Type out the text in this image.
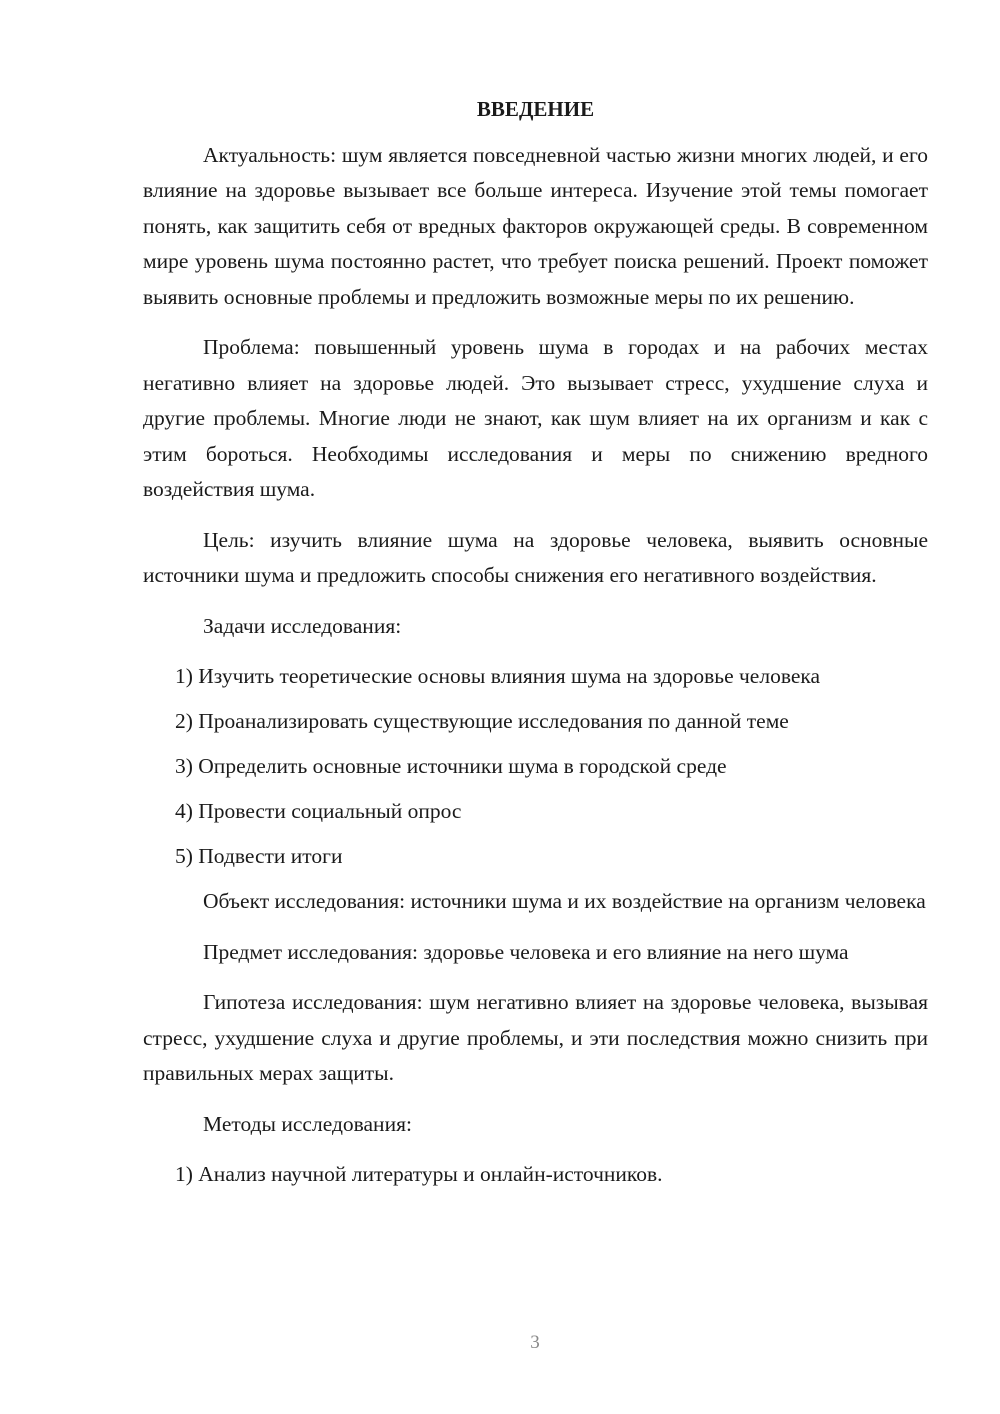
ВВЕДЕНИЕ

Актуальность: шум является повседневной частью жизни многих людей, и его влияние на здоровье вызывает все больше интереса. Изучение этой темы помогает понять, как защитить себя от вредных факторов окружающей среды. В современном мире уровень шума постоянно растет, что требует поиска решений. Проект поможет выявить основные проблемы и предложить возможные меры по их решению.

Проблема: повышенный уровень шума в городах и на рабочих местах негативно влияет на здоровье людей. Это вызывает стресс, ухудшение слуха и другие проблемы. Многие люди не знают, как шум влияет на их организм и как с этим бороться. Необходимы исследования и меры по снижению вредного воздействия шума.

Цель: изучить влияние шума на здоровье человека, выявить основные источники шума и предложить способы снижения его негативного воздействия.

Задачи исследования:

1) Изучить теоретические основы влияния шума на здоровье человека
2) Проанализировать существующие исследования по данной теме
3) Определить основные источники шума в городской среде
4) Провести социальный опрос
5) Подвести итоги

Объект исследования: источники шума и их воздействие на организм человека

Предмет исследования: здоровье человека и его влияние на него шума

Гипотеза исследования: шум негативно влияет на здоровье человека, вызывая стресс, ухудшение слуха и другие проблемы, и эти последствия можно снизить при правильных мерах защиты.

Методы исследования:

1) Анализ научной литературы и онлайн-источников.
3
